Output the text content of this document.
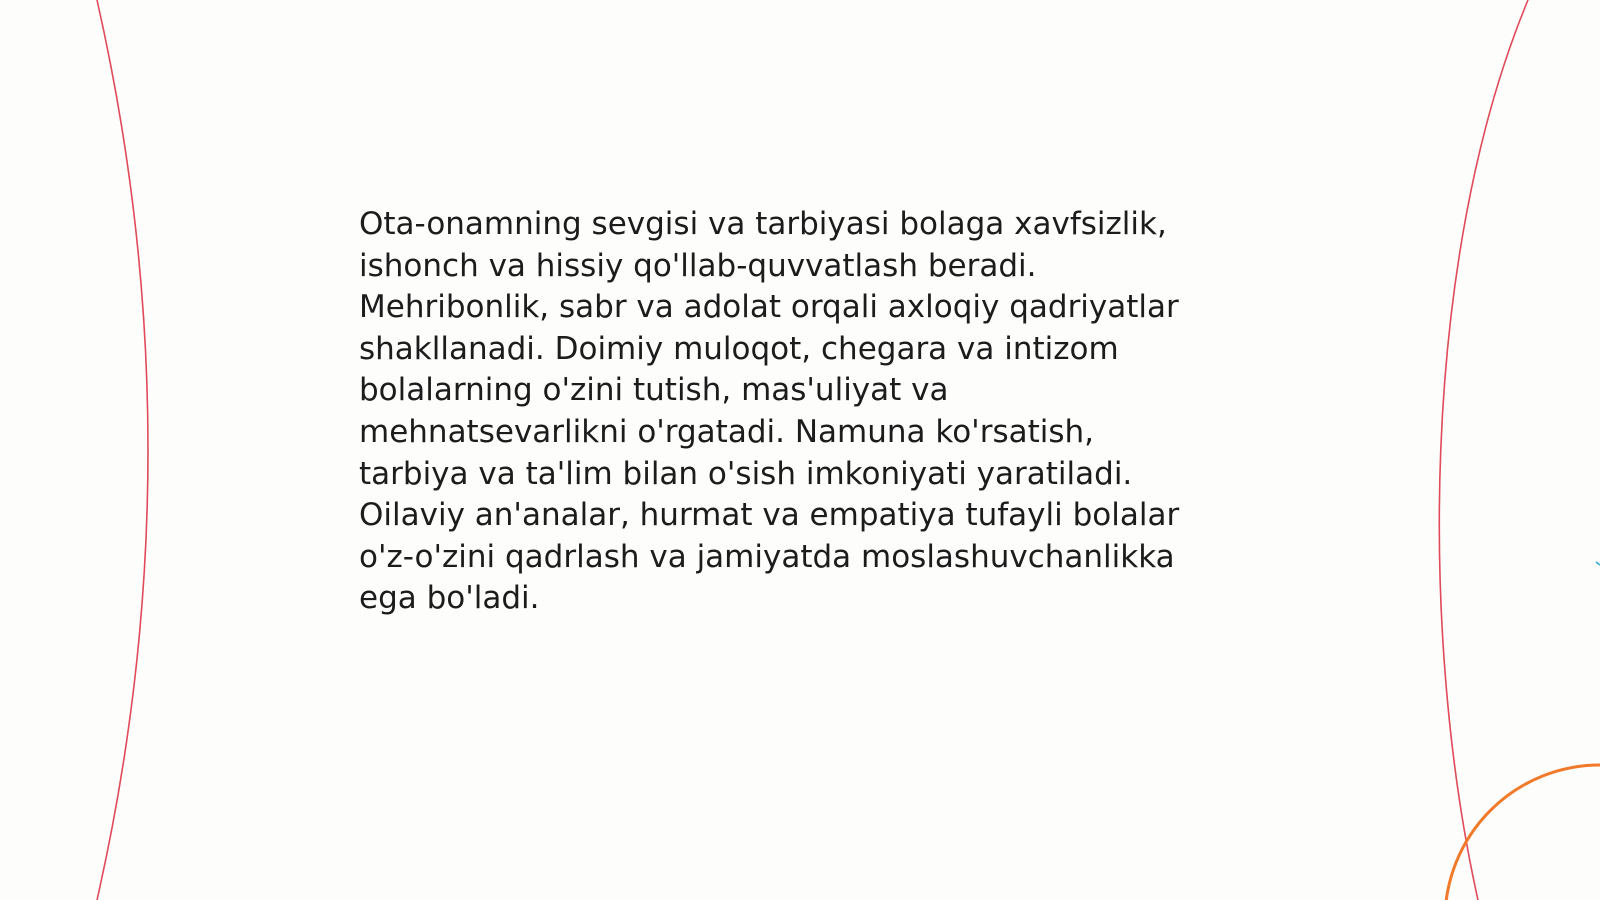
Ota-onamning sevgisi va tarbiyasi bolaga xavfsizlik,
ishonch va hissiy qo'llab-quvvatlash beradi.
Mehribonlik, sabr va adolat orqali axloqiy qadriyatlar
shakllanadi. Doimiy muloqot, chegara va intizom
bolalarning o'zini tutish, mas'uliyat va
mehnatsevarlikni o'rgatadi. Namuna ko'rsatish,
tarbiya va ta'lim bilan o'sish imkoniyati yaratiladi.
Oilaviy an'analar, hurmat va empatiya tufayli bolalar
o'z-o'zini qadrlash va jamiyatda moslashuvchanlikka
ega bo'ladi.
